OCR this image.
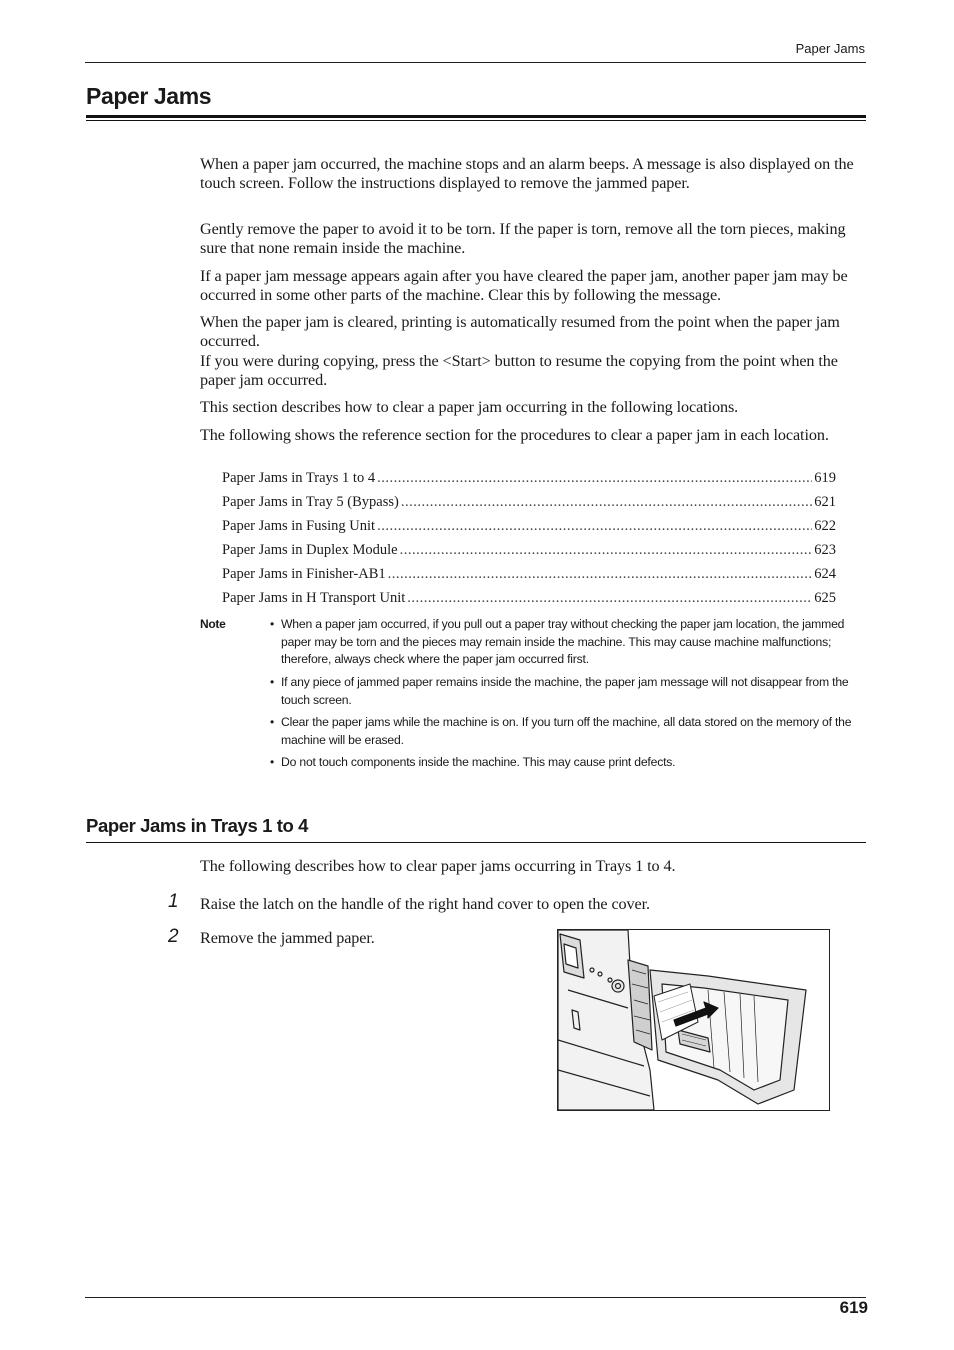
Paper Jams
Paper Jams

When a paper jam occurred, the machine stops and an alarm beeps. A message is also displayed on the touch screen. Follow the instructions displayed to remove the jammed paper.

Gently remove the paper to avoid it to be torn. If the paper is torn, remove all the torn pieces, making sure that none remain inside the machine.

If a paper jam message appears again after you have cleared the paper jam, another paper jam may be occurred in some other parts of the machine. Clear this by following the message.

When the paper jam is cleared, printing is automatically resumed from the point when the paper jam occurred.

If you were during copying, press the <Start> button to resume the copying from the point when the paper jam occurred.

This section describes how to clear a paper jam occurring in the following locations.

The following shows the reference section for the procedures to clear a paper jam in each location.

Paper Jams in Trays 1 to 4 .....	619
Paper Jams in Tray 5 (Bypass) .....	621
Paper Jams in Fusing Unit .....	622
Paper Jams in Duplex Module .....	623
Paper Jams in Finisher-AB1 .....	624
Paper Jams in H Transport Unit .....	625
Note	• When a paper jam occurred, if you pull out a paper tray without checking the paper jam location, the jammed paper may be torn and the pieces may remain inside the machine. This may cause machine malfunctions; therefore, always check where the paper jam occurred first.

• If any piece of jammed paper remains inside the machine, the paper jam message will not disappear from the touch screen.

• Clear the paper jams while the machine is on. If you turn off the machine, all data stored on the memory of the machine will be erased.

• Do not touch components inside the machine. This may cause print defects.

Paper Jams in Trays 1 to 4

The following describes how to clear paper jams occurring in Trays 1 to 4.

1	Raise the latch on the handle of the right hand cover to open the cover.

2	Remove the jammed paper.

619
